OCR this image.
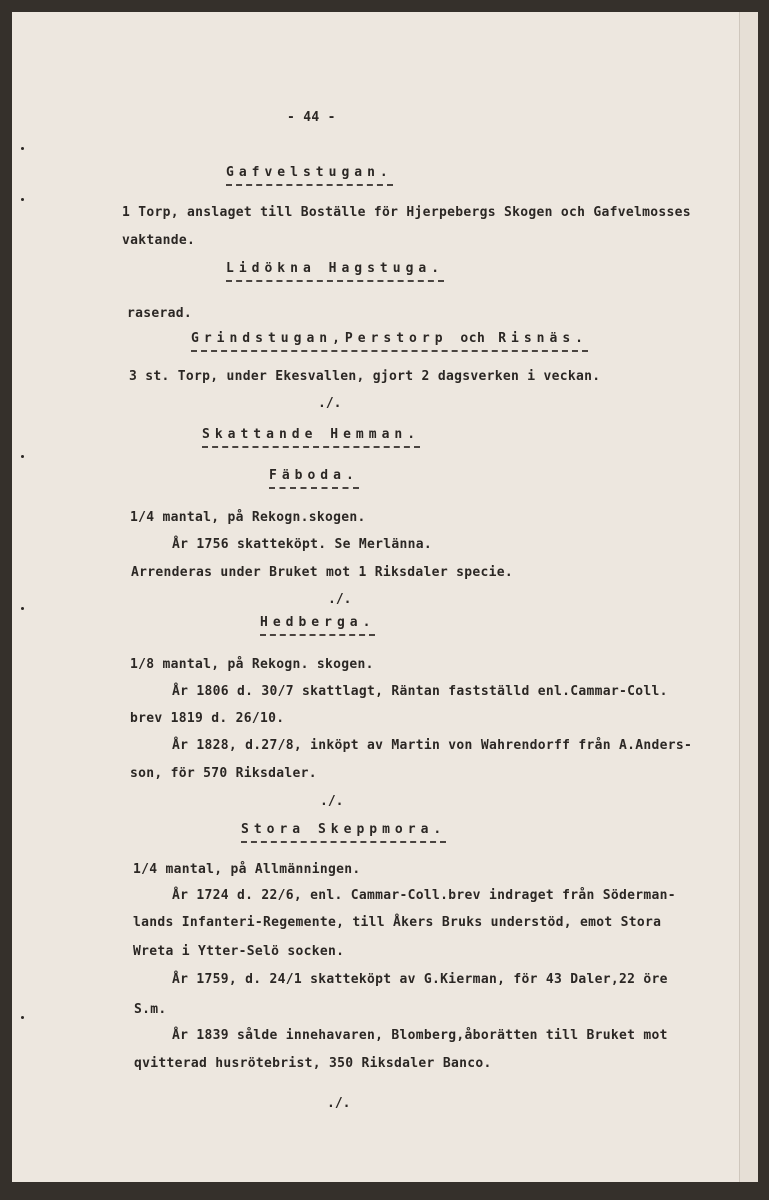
- 44 -

Gafvelstugan.

1 Torp, anslaget till Boställe för Hjerpebergs Skogen och Gafvelmosses

vaktande.

Lidökna Hagstuga.

raserad.

Grindstugan,Perstorp och Risnäs.

3 st. Torp, under Ekesvallen, gjort 2 dagsverken i veckan.

./.

Skattande Hemman.

Fäboda.

1/4 mantal, på Rekogn.skogen.

År 1756 skatteköpt. Se Merlänna.

Arrenderas under Bruket mot 1 Riksdaler specie.

./.

Hedberga.

1/8 mantal, på Rekogn. skogen.

År 1806 d. 30/7 skattlagt, Räntan fastställd enl.Cammar-Coll.

brev 1819 d. 26/10.

År 1828, d.27/8, inköpt av Martin von Wahrendorff från A.Anders-

son, för 570 Riksdaler.

./.

Stora Skeppmora.

1/4 mantal, på Allmänningen.

År 1724 d. 22/6, enl. Cammar-Coll.brev indraget från Söderman-

lands Infanteri-Regemente, till Åkers Bruks understöd, emot Stora

Wreta i Ytter-Selö socken.

År 1759, d. 24/1 skatteköpt av G.Kierman, för 43 Daler,22 öre

S.m.

År 1839 sålde innehavaren, Blomberg,åborätten till Bruket mot

qvitterad husrötebrist, 350 Riksdaler Banco.

./.
